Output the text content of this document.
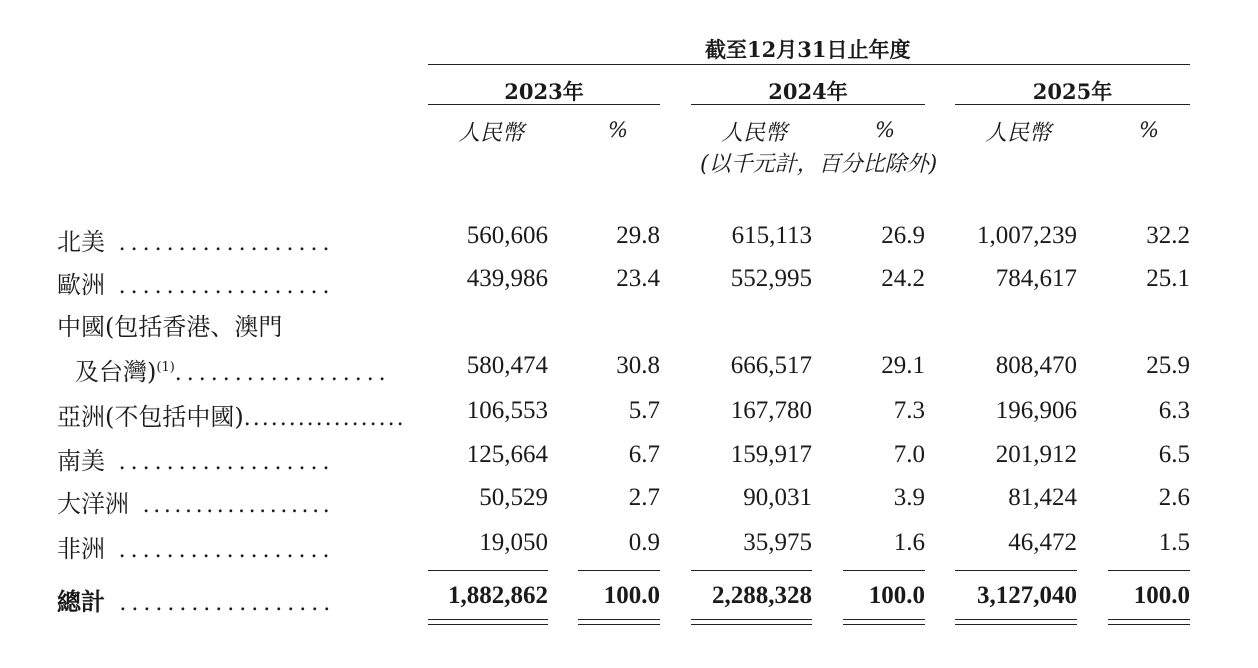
截至12月31日止年度
2023年	2024年	2025年
人民幣	%	人民幣	%	人民幣	%
(以千元計，百分比除外)
北美 ..................	560,606	29.8	615,113	26.9	1,007,239	32.2
歐洲 ..................	439,986	23.4	552,995	24.2	784,617	25.1
中國(包括香港、澳門
及台灣)$^{(1)}$..................	580,474	30.8	666,517	29.1	808,470	25.9
亞洲(不包括中國)..................	106,553	5.7	167,780	7.3	196,906	6.3
南美 ..................	125,664	6.7	159,917	7.0	201,912	6.5
大洋洲 ..................	50,529	2.7	90,031	3.9	81,424	2.6
非洲 ..................	19,050	0.9	35,975	1.6	46,472	1.5
總計 ..................	1,882,862	100.0	2,288,328	100.0	3,127,040	100.0
